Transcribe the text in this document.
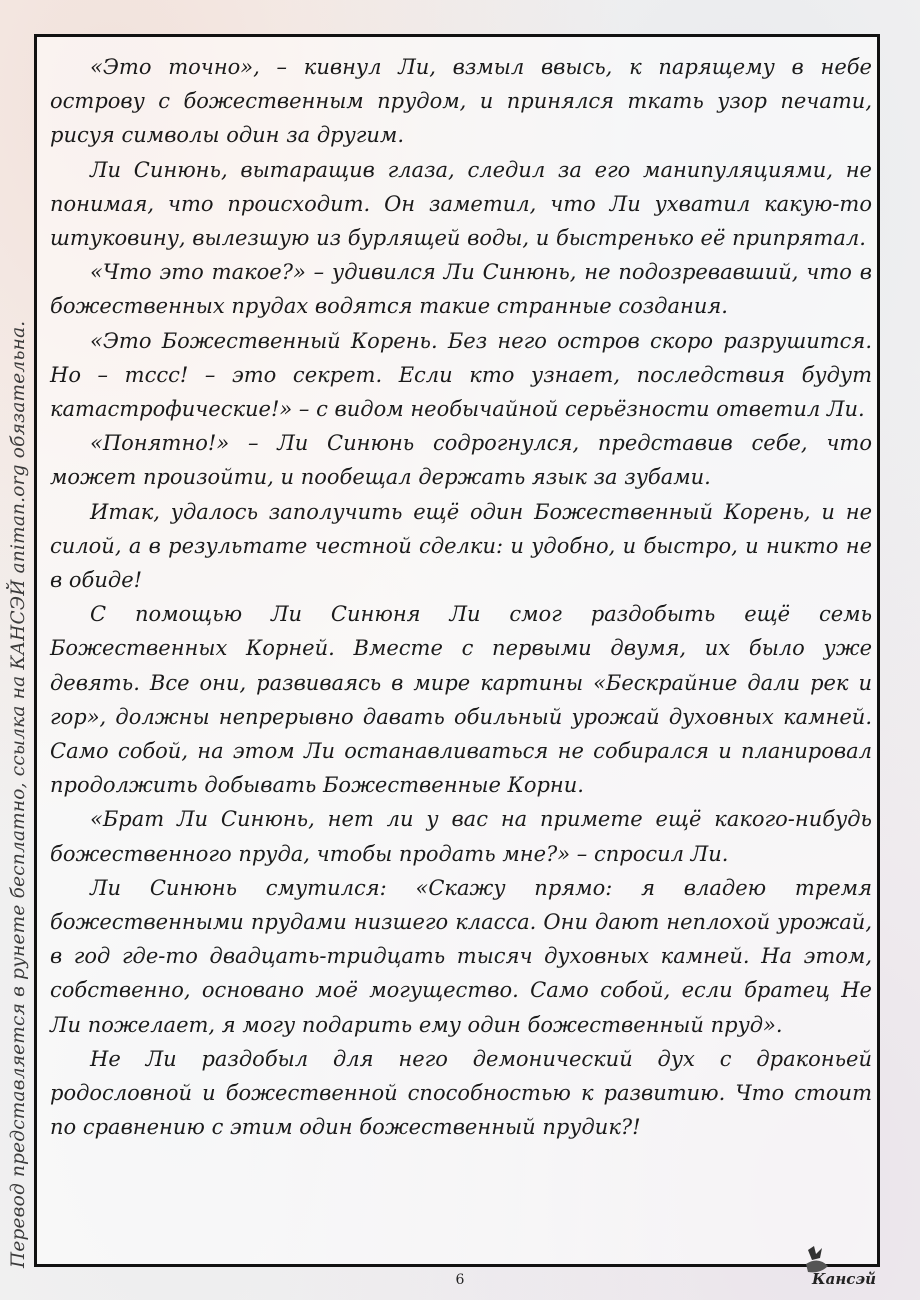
«Это точно», – кивнул Ли, взмыл ввысь, к парящему в небе острову с божественным прудом, и принялся ткать узор печати, рисуя символы один за другим.

Ли Синюнь, вытаращив глаза, следил за его манипуляциями, не понимая, что происходит. Он заметил, что Ли ухватил какую-то штуковину, вылезшую из бурлящей воды, и быстренько её припрятал.

«Что это такое?» – удивился Ли Синюнь, не подозревавший, что в божественных прудах водятся такие странные создания.

«Это Божественный Корень. Без него остров скоро разрушится. Но – тссс! – это секрет. Если кто узнает, последствия будут катастрофические!» – с видом необычайной серьёзности ответил Ли.

«Понятно!» – Ли Синюнь содрогнулся, представив себе, что может произойти, и пообещал держать язык за зубами.

Итак, удалось заполучить ещё один Божественный Корень, и не силой, а в результате честной сделки: и удобно, и быстро, и никто не в обиде!

С помощью Ли Синюня Ли смог раздобыть ещё семь Божественных Корней. Вместе с первыми двумя, их было уже девять. Все они, развиваясь в мире картины «Бескрайние дали рек и гор», должны непрерывно давать обильный урожай духовных камней. Само собой, на этом Ли останавливаться не собирался и планировал продолжить добывать Божественные Корни.

«Брат Ли Синюнь, нет ли у вас на примете ещё какого-нибудь божественного пруда, чтобы продать мне?» – спросил Ли.

Ли Синюнь смутился: «Скажу прямо: я владею тремя божественными прудами низшего класса. Они дают неплохой урожай, в год где-то двадцать-тридцать тысяч духовных камней. На этом, собственно, основано моё могущество. Само собой, если братец Не Ли пожелает, я могу подарить ему один божественный пруд».

Не Ли раздобыл для него демонический дух с драконьей родословной и божественной способностью к развитию. Что стоит по сравнению с этим один божественный прудик?!

Перевод представляется в рунете бесплатно, ссылка на КАНСЭЙ animan.org обязательна.
6	Кансэй
